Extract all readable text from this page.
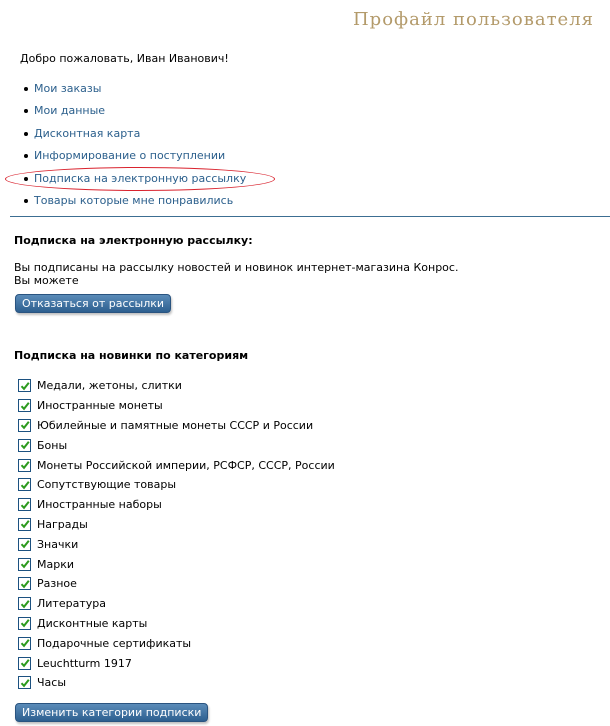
Профайл пользователя
Добро пожаловать, Иван Иванович!
Мои заказы
Мои данные
Дисконтная карта
Информирование о поступлении
Подписка на электронную рассылку
Товары которые мне понравились
Подписка на электронную рассылку:
Вы подписаны на рассылку новостей и новинок интернет-магазина Конрос.
Вы можете
Отказаться от рассылки
Подписка на новинки по категориям
Медали, жетоны, слитки
Иностранные монеты
Юбилейные и памятные монеты СССР и России
Боны
Монеты Российской империи, РСФСР, СССР, России
Сопутствующие товары
Иностранные наборы
Награды
Значки
Марки
Разное
Литература
Дисконтные карты
Подарочные сертификаты
Leuchtturm 1917
Часы
Изменить категории подписки
